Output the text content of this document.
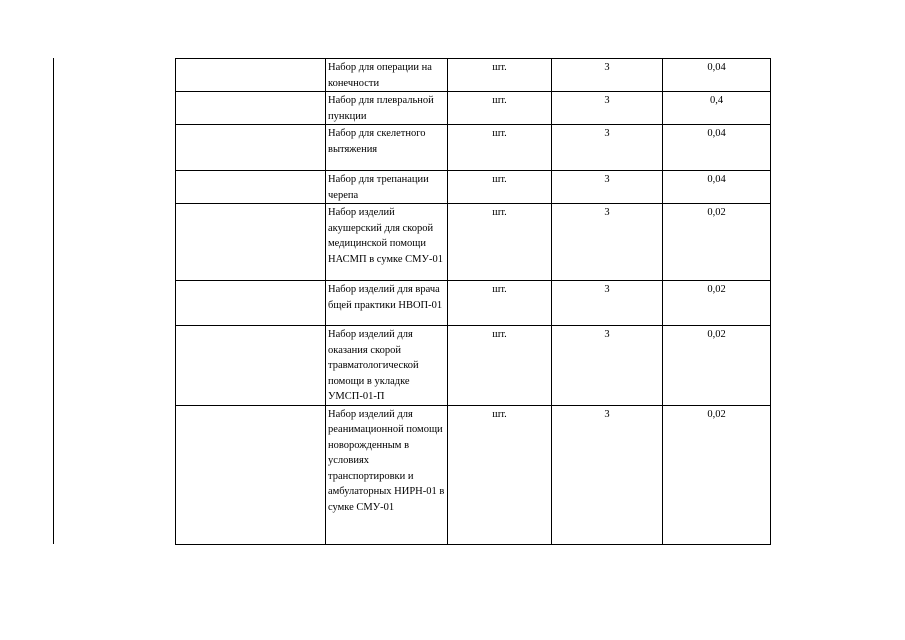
	Набор для операции на конечности	шт.	3	0,04
	Набор для плевральной пункции	шт.	3	0,4
	Набор для скелетного вытяжения	шт.	3	0,04
	Набор для трепанации черепа	шт.	3	0,04
	Набор изделий акушерский для скорой медицинской помощи НАСМП в сумке СМУ-01	шт.	3	0,02
	Набор изделий для врача бщей практики НВОП-01	шт.	3	0,02
	Набор изделий для оказания скорой травматологической помощи в укладке УМСП-01-П	шт.	3	0,02
	Набор изделий для реанимационной помощи новорожденным в условиях транспортировки и амбулаторных НИРН-01 в сумке СМУ-01	шт.	3	0,02
